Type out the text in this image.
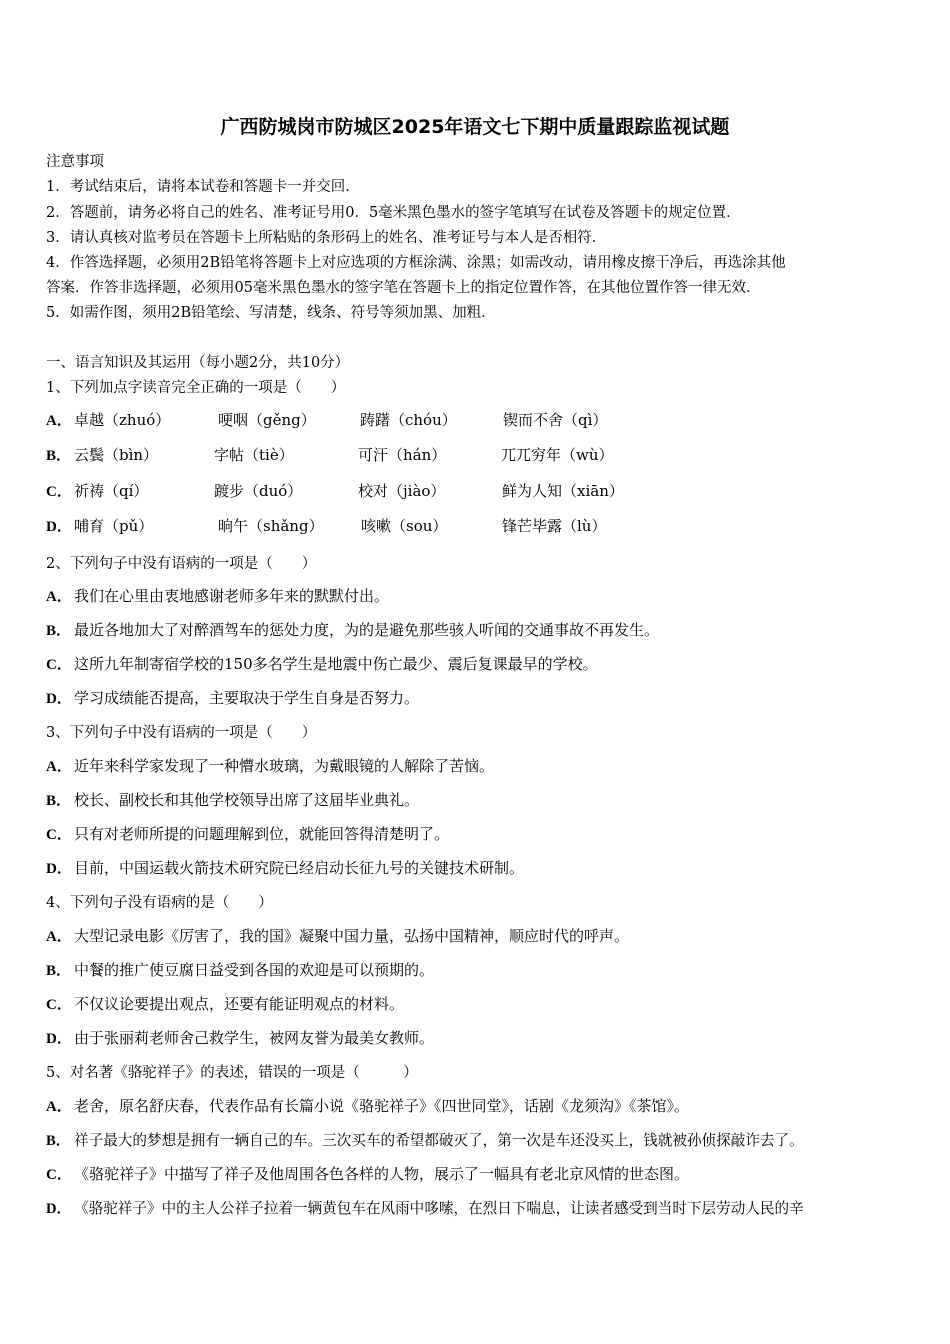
广西防城岗市防城区2025年语文七下期中质量跟踪监视试题
注意事项
1．考试结束后，请将本试卷和答题卡一并交回．
2．答题前，请务必将自己的姓名、准考证号用0．5毫米黑色墨水的签字笔填写在试卷及答题卡的规定位置．
3．请认真核对监考员在答题卡上所粘贴的条形码上的姓名、准考证号与本人是否相符．
4．作答选择题，必须用2B铅笔将答题卡上对应选项的方框涂满、涂黑；如需改动，请用橡皮擦干净后，再选涂其他
答案．作答非选择题，必须用05毫米黑色墨水的签字笔在答题卡上的指定位置作答，在其他位置作答一律无效．
5．如需作图，须用2B铅笔绘、写清楚，线条、符号等须加黑、加粗．
一、语言知识及其运用（每小题2分，共10分）
1、下列加点字读音完全正确的一项是（　　）
A． 卓越（zhuó）	哽咽（gěng）	踌躇（chóu）	锲而不舍（qì）
B． 云鬓（bìn）	字帖（tiè）	可汗（hán）	兀兀穷年（wù）
C． 祈祷（qí）	踱步（duó）	校对（jiào）	鲜为人知（xiān）
D． 哺育（pǔ）	晌午（shǎng） 咳嗽（sou）	锋芒毕露（lù）
2、下列句子中没有语病的一项是（　　）
A． 我们在心里由衷地感谢老师多年来的默默付出。
B． 最近各地加大了对醉酒驾车的惩处力度，为的是避免那些骇人听闻的交通事故不再发生。
C． 这所九年制寄宿学校的150多名学生是地震中伤亡最少、震后复课最早的学校。
D． 学习成绩能否提高，主要取决于学生自身是否努力。
3、下列句子中没有语病的一项是（　　）
A． 近年来科学家发现了一种懵水玻璃，为戴眼镜的人解除了苦恼。
B． 校长、副校长和其他学校领导出席了这届毕业典礼。
C． 只有对老师所提的问题理解到位，就能回答得清楚明了。
D． 目前，中国运载火箭技术研究院已经启动长征九号的关键技术研制。
4、下列句子没有语病的是（　　）
A． 大型记录电影《厉害了，我的国》凝聚中国力量，弘扬中国精神，顺应时代的呼声。
B． 中餐的推广使豆腐日益受到各国的欢迎是可以预期的。
C． 不仅议论要提出观点，还要有能证明观点的材料。
D． 由于张丽莉老师舍己救学生，被网友誉为最美女教师。
5、对名著《骆驼祥子》的表述，错误的一项是（　　　）
A． 老舍，原名舒庆春，代表作品有长篇小说《骆驼祥子》《四世同堂》，话剧《龙须沟》《茶馆》。
B． 祥子最大的梦想是拥有一辆自己的车。三次买车的希望都破灭了，第一次是车还没买上，钱就被孙侦探敲诈去了。
C． 《骆驼祥子》中描写了祥子及他周围各色各样的人物，展示了一幅具有老北京风情的世态图。
D． 《骆驼祥子》中的主人公祥子拉着一辆黄包车在风雨中哆嗦，在烈日下喘息，让读者感受到当时下层劳动人民的辛
